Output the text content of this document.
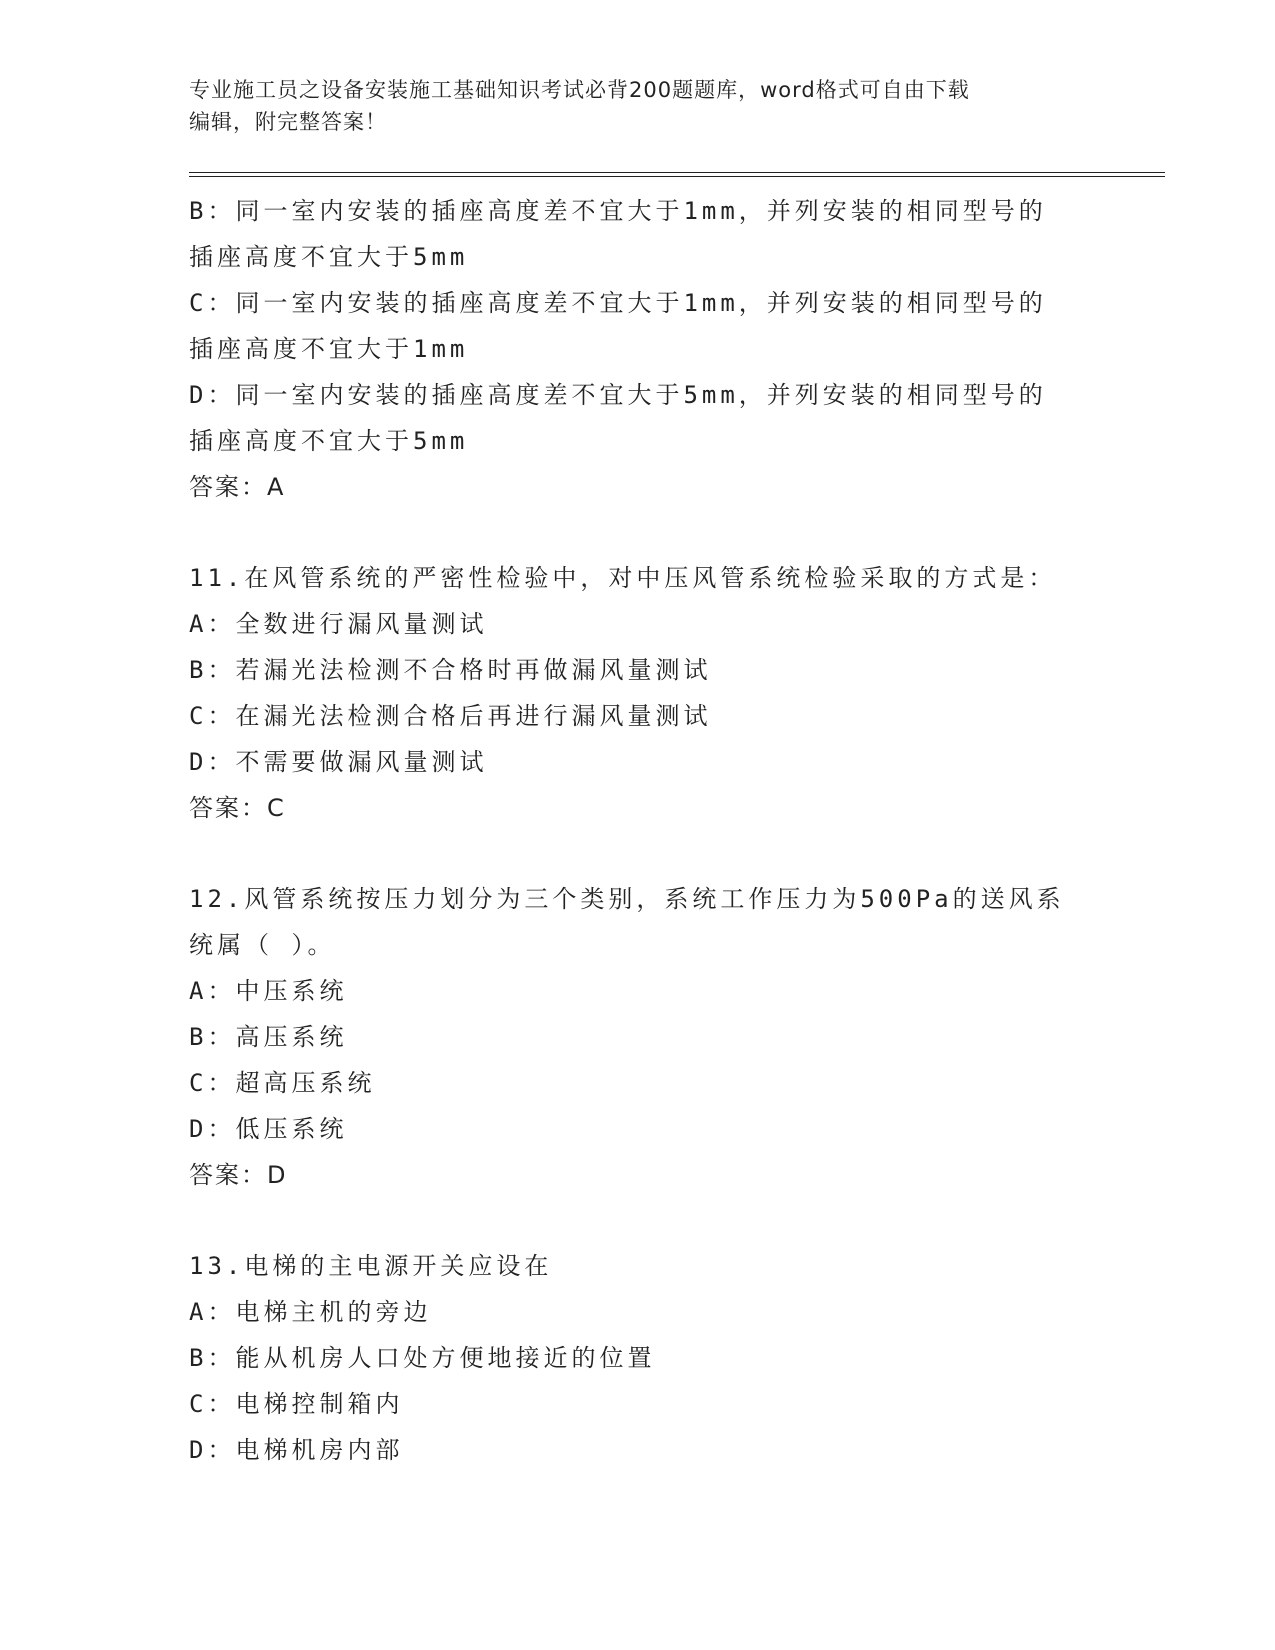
专业施工员之设备安装施工基础知识考试必背200题题库，word格式可自由下载
编辑，附完整答案！
B：同一室内安装的插座高度差不宜大于1mm，并列安装的相同型号的
插座高度不宜大于5mm
C：同一室内安装的插座高度差不宜大于1mm，并列安装的相同型号的
插座高度不宜大于1mm
D：同一室内安装的插座高度差不宜大于5mm，并列安装的相同型号的
插座高度不宜大于5mm
答案：A
11.在风管系统的严密性检验中，对中压风管系统检验采取的方式是：
A：全数进行漏风量测试
B：若漏光法检测不合格时再做漏风量测试
C：在漏光法检测合格后再进行漏风量测试
D：不需要做漏风量测试
答案：C
12.风管系统按压力划分为三个类别，系统工作压力为500Pa的送风系
统属（ ）。
A：中压系统
B：高压系统
C：超高压系统
D：低压系统
答案：D
13.电梯的主电源开关应设在
A：电梯主机的旁边
B：能从机房人口处方便地接近的位置
C：电梯控制箱内
D：电梯机房内部
